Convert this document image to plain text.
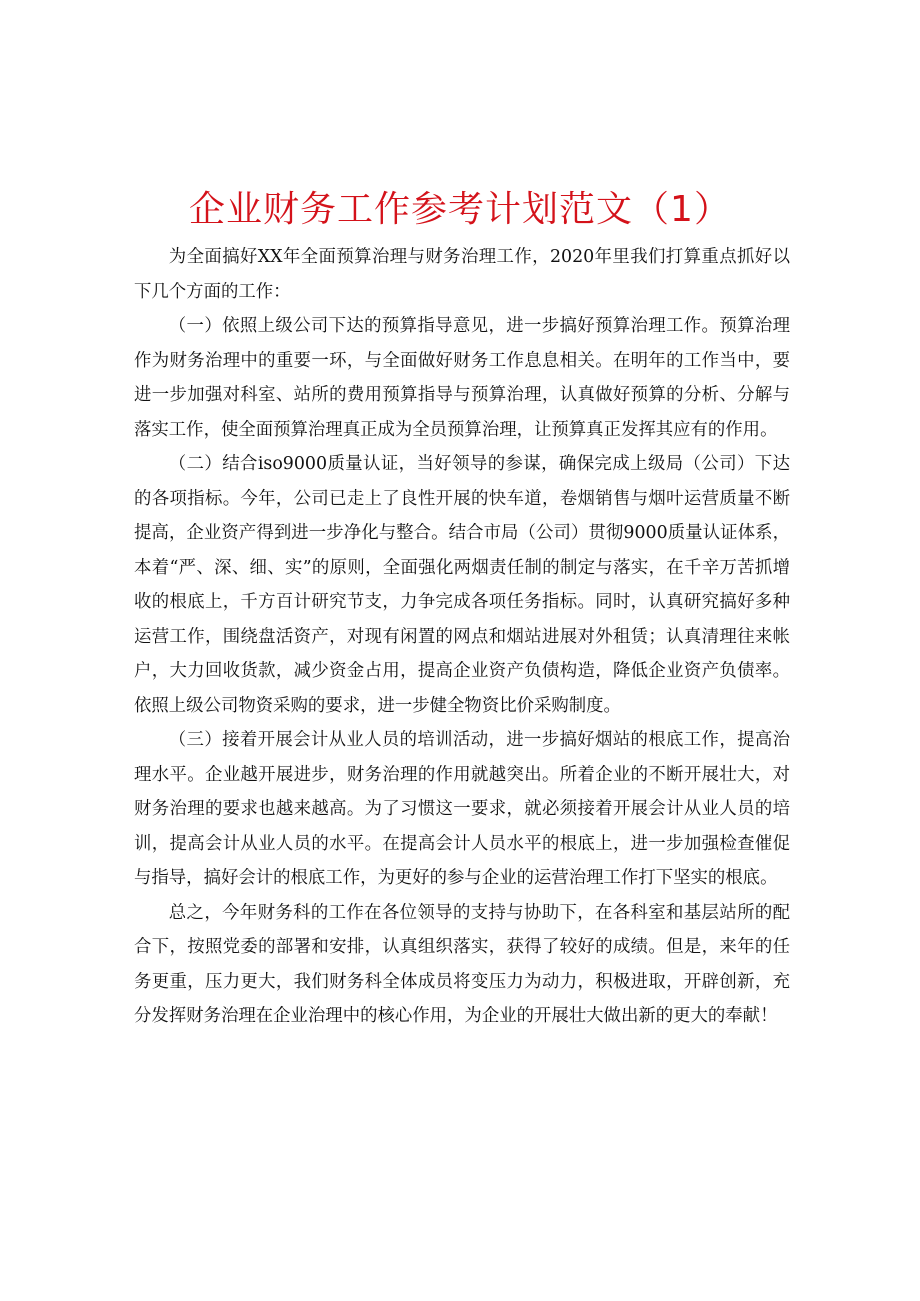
企业财务工作参考计划范文（1）

为全面搞好XX年全面预算治理与财务治理工作，2020年里我们打算重点抓好以下几个方面的工作：

（一）依照上级公司下达的预算指导意见，进一步搞好预算治理工作。预算治理作为财务治理中的重要一环，与全面做好财务工作息息相关。在明年的工作当中，要进一步加强对科室、站所的费用预算指导与预算治理，认真做好预算的分析、分解与落实工作，使全面预算治理真正成为全员预算治理，让预算真正发挥其应有的作用。

（二）结合iso9000质量认证，当好领导的参谋，确保完成上级局（公司）下达的各项指标。今年，公司已走上了良性开展的快车道，卷烟销售与烟叶运营质量不断提高，企业资产得到进一步净化与整合。结合市局（公司）贯彻9000质量认证体系，本着“严、深、细、实”的原则，全面强化两烟责任制的制定与落实，在千辛万苦抓增收的根底上，千方百计研究节支，力争完成各项任务指标。同时，认真研究搞好多种运营工作，围绕盘活资产，对现有闲置的网点和烟站进展对外租赁；认真清理往来帐户，大力回收货款，减少资金占用，提高企业资产负债构造，降低企业资产负债率。依照上级公司物资采购的要求，进一步健全物资比价采购制度。

（三）接着开展会计从业人员的培训活动，进一步搞好烟站的根底工作，提高治理水平。企业越开展进步，财务治理的作用就越突出。所着企业的不断开展壮大，对财务治理的要求也越来越高。为了习惯这一要求，就必须接着开展会计从业人员的培训，提高会计从业人员的水平。在提高会计人员水平的根底上，进一步加强检查催促与指导，搞好会计的根底工作，为更好的参与企业的运营治理工作打下坚实的根底。

总之，今年财务科的工作在各位领导的支持与协助下，在各科室和基层站所的配合下，按照党委的部署和安排，认真组织落实，获得了较好的成绩。但是，来年的任务更重，压力更大，我们财务科全体成员将变压力为动力，积极进取，开辟创新，充分发挥财务治理在企业治理中的核心作用，为企业的开展壮大做出新的更大的奉献！
